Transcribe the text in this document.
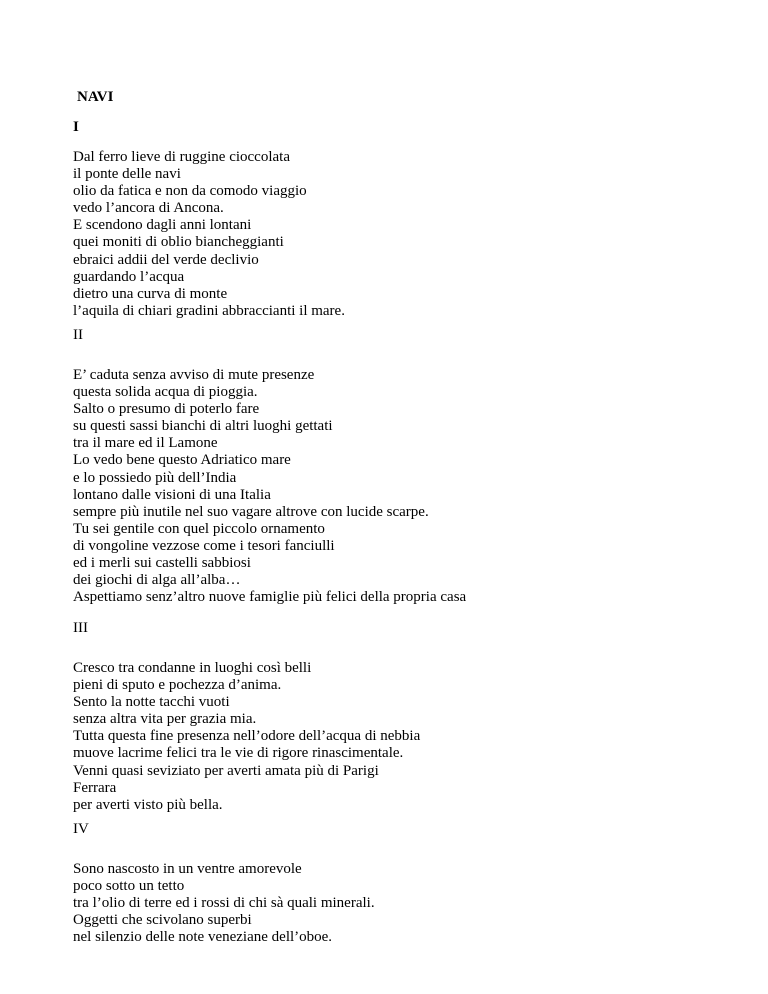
NAVI

I

Dal ferro lieve di ruggine cioccolata
il ponte delle navi
olio da fatica e non da comodo viaggio
vedo l’ancora di Ancona.
E scendono dagli anni lontani
quei moniti di oblio biancheggianti
ebraici addii del verde declivio
guardando l’acqua
dietro una curva di monte
l’aquila di chiari gradini abbraccianti il mare.

II

E’ caduta senza avviso di mute presenze
questa solida acqua di pioggia.
Salto o presumo di poterlo fare
su questi sassi bianchi di altri luoghi gettati
tra il mare ed il Lamone
Lo vedo bene questo Adriatico mare
e lo possiedo più dell’India
lontano dalle visioni di una Italia
sempre più inutile nel suo vagare altrove con lucide scarpe.
Tu sei gentile con quel piccolo ornamento
di vongoline vezzose come i tesori fanciulli
ed i merli sui castelli sabbiosi
dei giochi di alga all’alba…
Aspettiamo senz’altro nuove famiglie più felici della propria casa

III

Cresco tra condanne in luoghi così belli
pieni di sputo e pochezza d’anima.
Sento la notte tacchi vuoti
senza altra vita per grazia mia.
Tutta questa fine presenza nell’odore dell’acqua di nebbia
muove lacrime felici tra le vie di rigore rinascimentale.
Venni quasi seviziato per averti amata più di Parigi
Ferrara
per averti visto più bella.

IV

Sono nascosto in un ventre amorevole
poco sotto un tetto
tra l’olio di terre ed i rossi di chi sà quali minerali.
Oggetti che scivolano superbi
nel silenzio delle note veneziane dell’oboe.
